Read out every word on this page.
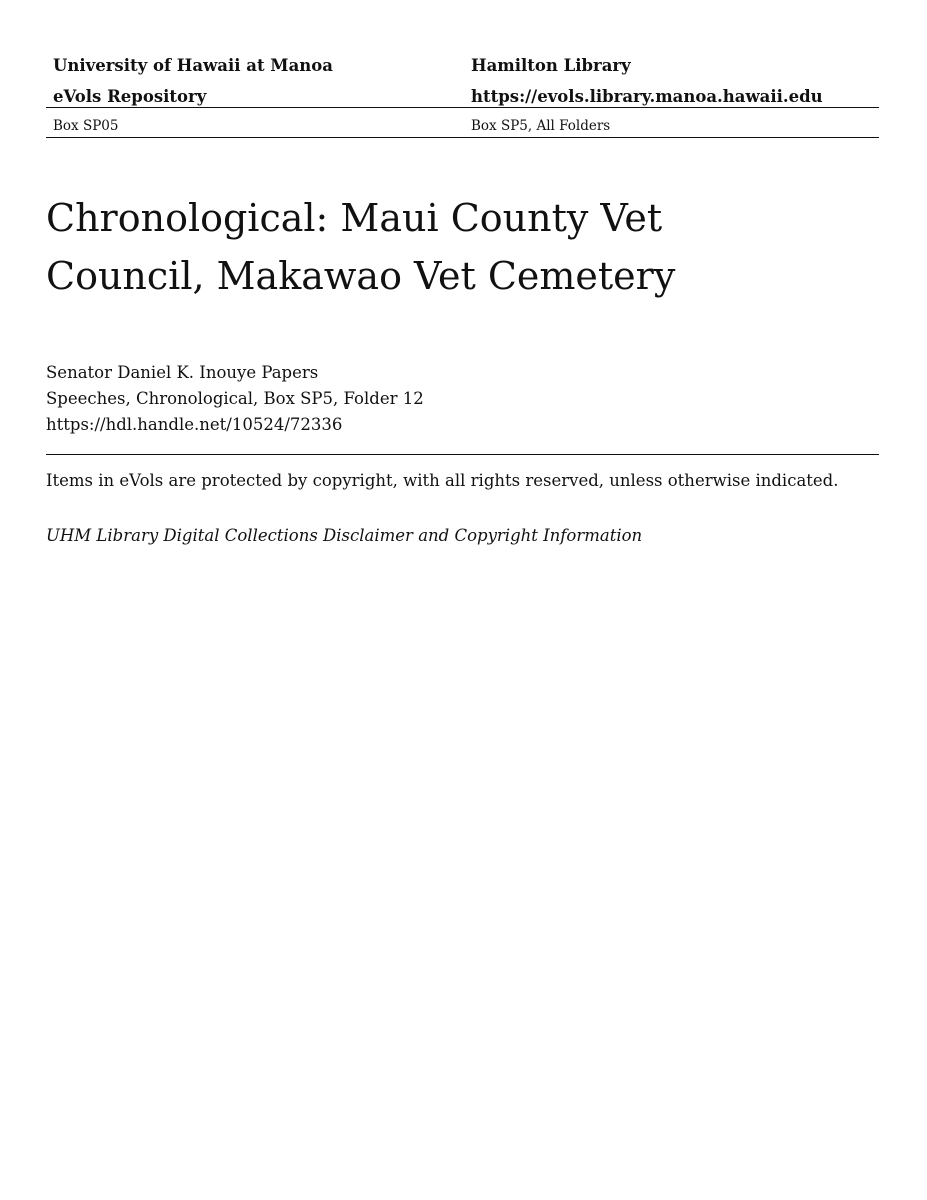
University of Hawaii at Manoa	Hamilton Library
eVols Repository	https://evols.library.manoa.hawaii.edu
Box SP05	Box SP5, All Folders
Chronological: Maui County Vet
Council, Makawao Vet Cemetery
Senator Daniel K. Inouye Papers
Speeches, Chronological, Box SP5, Folder 12
https://hdl.handle.net/10524/72336
Items in eVols are protected by copyright, with all rights reserved, unless otherwise indicated.
UHM Library Digital Collections Disclaimer and Copyright Information
